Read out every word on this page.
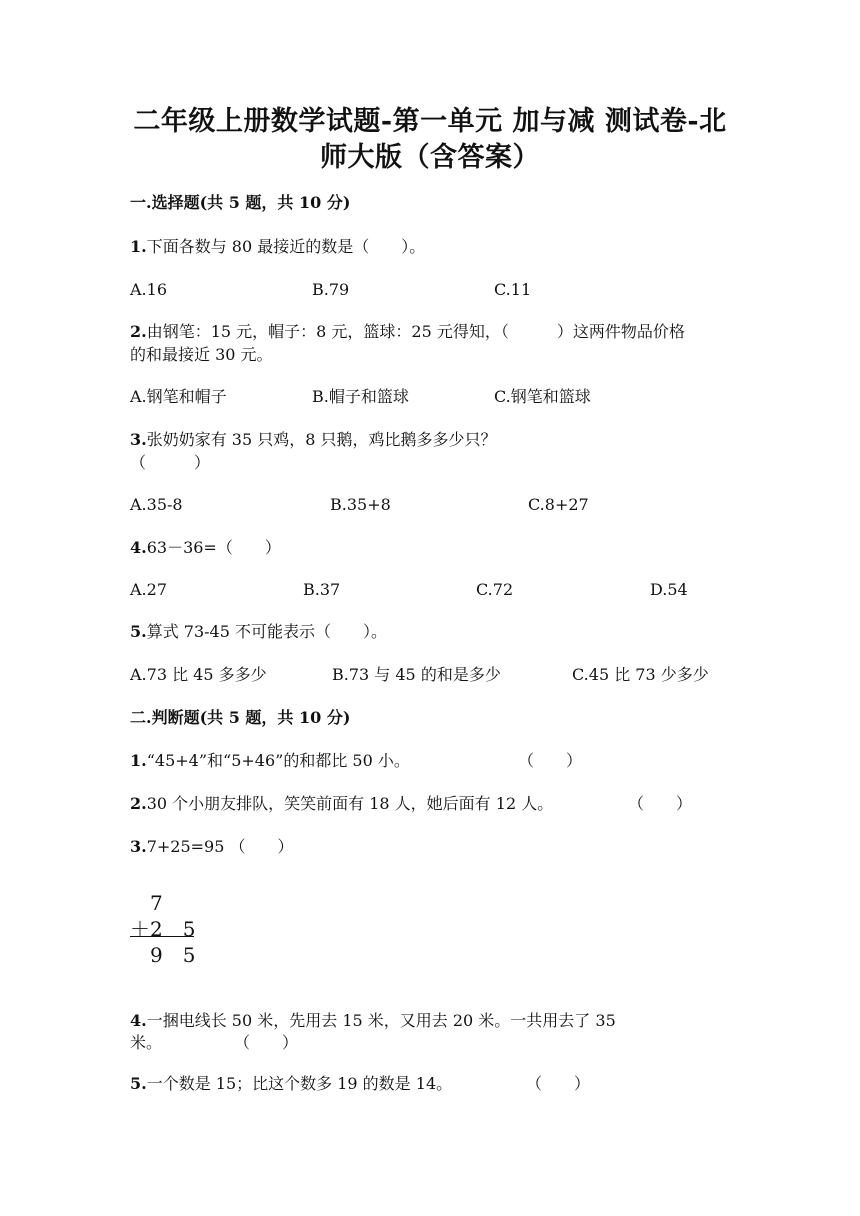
二年级上册数学试题-第一单元 加与减 测试卷-北
师大版（含答案）
一.选择题(共 5 题，共 10 分)
1.下面各数与 80 最接近的数是（　　）。
A.16	B.79	C.11
2.由钢笔：15 元，帽子：8 元，篮球：25 元得知，（　　　）这两件物品价格
的和最接近 30 元。
A.钢笔和帽子	B.帽子和篮球	C.钢笔和篮球
3.张奶奶家有 35 只鸡，8 只鹅，鸡比鹅多多少只？
（　　　）
A.35-8	B.35+8	C.8+27
4.63－36=（　　）
A.27	B.37	C.72	D.54
5.算式 73-45 不可能表示（　　）。
A.73 比 45 多多少	B.73 与 45 的和是多少	C.45 比 73 少多少
二.判断题(共 5 题，共 10 分)
1.“45+4”和“5+46”的和都比 50 小。	（　　）
2.30 个小朋友排队，笑笑前面有 18 人，她后面有 12 人。	（　　）
3.7+25=95 （　　）
7
＋2　5
9　5
4.一捆电线长 50 米，先用去 15 米，又用去 20 米。一共用去了 35
米。	（　　）
5.一个数是 15；比这个数多 19 的数是 14。	（　　）
